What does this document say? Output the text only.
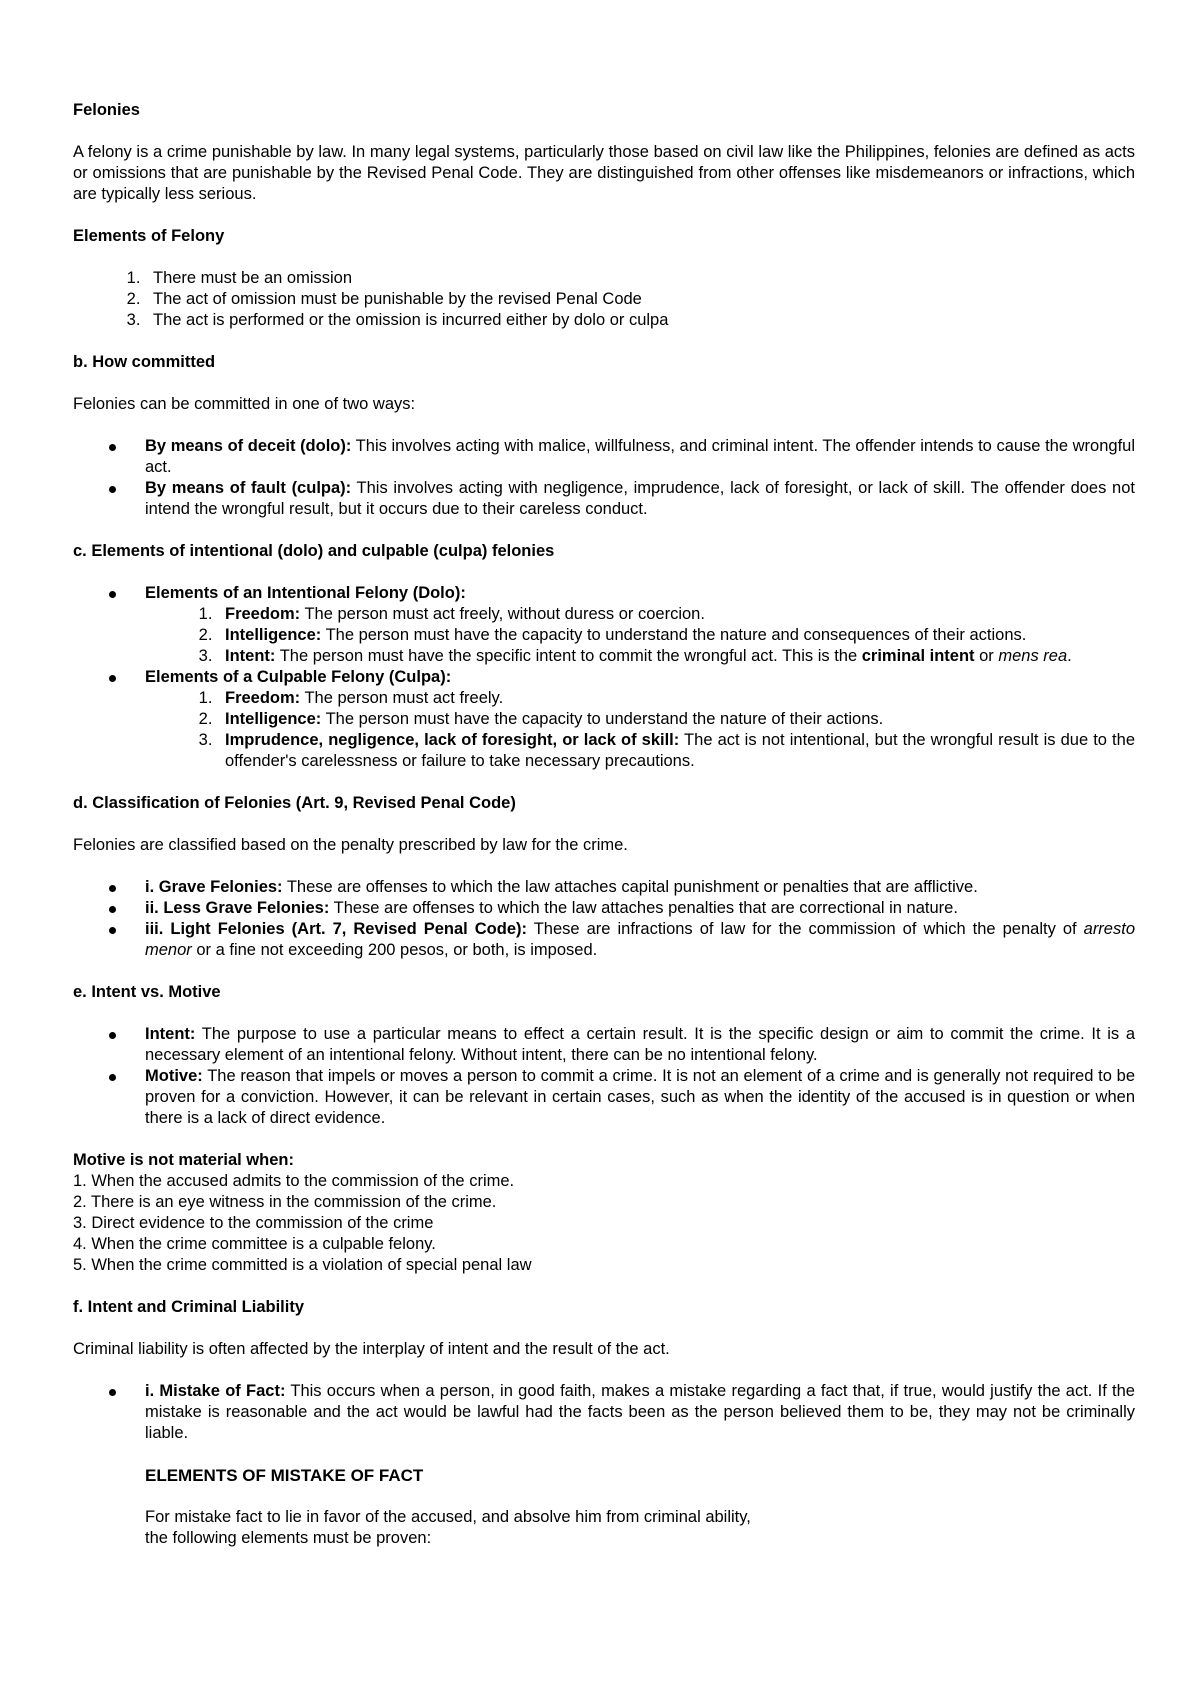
Felonies
A felony is a crime punishable by law. In many legal systems, particularly those based on civil law like the Philippines, felonies are defined as acts or omissions that are punishable by the Revised Penal Code. They are distinguished from other offenses like misdemeanors or infractions, which are typically less serious.
Elements of Felony
1. There must be an omission
2. The act of omission must be punishable by the revised Penal Code
3. The act is performed or the omission is incurred either by dolo or culpa
b. How committed
Felonies can be committed in one of two ways:
By means of deceit (dolo): This involves acting with malice, willfulness, and criminal intent. The offender intends to cause the wrongful act.
By means of fault (culpa): This involves acting with negligence, imprudence, lack of foresight, or lack of skill. The offender does not intend the wrongful result, but it occurs due to their careless conduct.
c. Elements of intentional (dolo) and culpable (culpa) felonies
Elements of an Intentional Felony (Dolo):
1. Freedom: The person must act freely, without duress or coercion.
2. Intelligence: The person must have the capacity to understand the nature and consequences of their actions.
3. Intent: The person must have the specific intent to commit the wrongful act. This is the criminal intent or mens rea.
Elements of a Culpable Felony (Culpa):
1. Freedom: The person must act freely.
2. Intelligence: The person must have the capacity to understand the nature of their actions.
3. Imprudence, negligence, lack of foresight, or lack of skill: The act is not intentional, but the wrongful result is due to the offender's carelessness or failure to take necessary precautions.
d. Classification of Felonies (Art. 9, Revised Penal Code)
Felonies are classified based on the penalty prescribed by law for the crime.
i. Grave Felonies: These are offenses to which the law attaches capital punishment or penalties that are afflictive.
ii. Less Grave Felonies: These are offenses to which the law attaches penalties that are correctional in nature.
iii. Light Felonies (Art. 7, Revised Penal Code): These are infractions of law for the commission of which the penalty of arresto menor or a fine not exceeding 200 pesos, or both, is imposed.
e. Intent vs. Motive
Intent: The purpose to use a particular means to effect a certain result. It is the specific design or aim to commit the crime. It is a necessary element of an intentional felony. Without intent, there can be no intentional felony.
Motive: The reason that impels or moves a person to commit a crime. It is not an element of a crime and is generally not required to be proven for a conviction. However, it can be relevant in certain cases, such as when the identity of the accused is in question or when there is a lack of direct evidence.
Motive is not material when:
1. When the accused admits to the commission of the crime.
2. There is an eye witness in the commission of the crime.
3. Direct evidence to the commission of the crime
4. When the crime committee is a culpable felony.
5. When the crime committed is a violation of special penal law
f. Intent and Criminal Liability
Criminal liability is often affected by the interplay of intent and the result of the act.
i. Mistake of Fact: This occurs when a person, in good faith, makes a mistake regarding a fact that, if true, would justify the act. If the mistake is reasonable and the act would be lawful had the facts been as the person believed them to be, they may not be criminally liable.
ELEMENTS OF MISTAKE OF FACT
For mistake fact to lie in favor of the accused, and absolve him from criminal ability,
the following elements must be proven:
